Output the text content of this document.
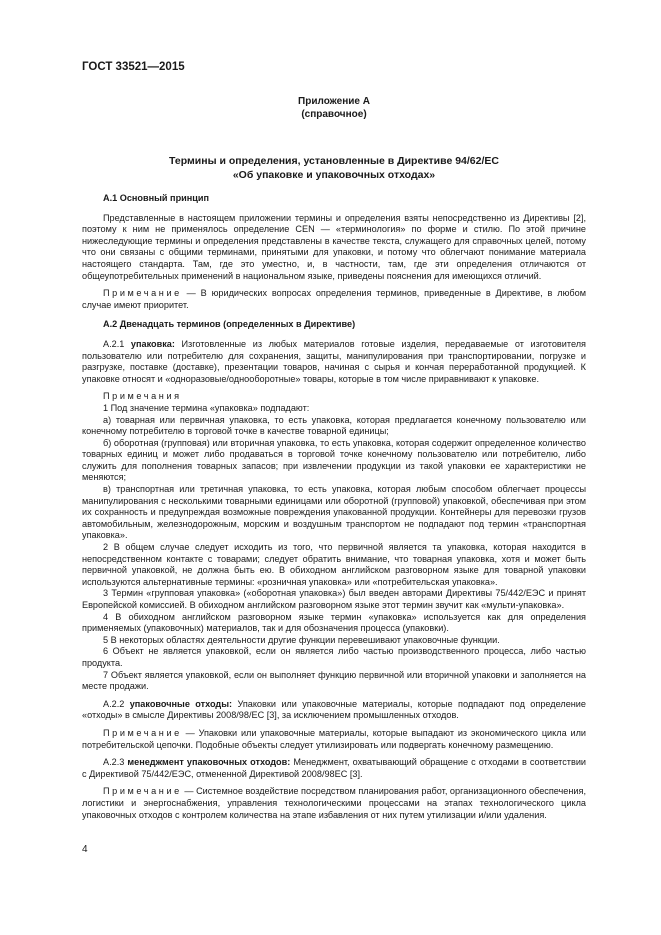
ГОСТ 33521—2015
Приложение А
(справочное)
Термины и определения, установленные в Директиве 94/62/ЕС
«Об упаковке и упаковочных отходах»

А.1 Основный принцип

Представленные в настоящем приложении термины и определения взяты непосредственно из Директивы [2], поэтому к ним не применялось определение CEN — «терминология» по форме и стилю. По этой причине нижеследующие термины и определения представлены в качестве текста, служащего для справочных целей, потому что они связаны с общими терминами, принятыми для упаковки, и потому что облегчают понимание материала настоящего стандарта. Там, где это уместно, и, в частности, там, где эти определения отличаются от общеупотребительных применений в национальном языке, приведены пояснения для имеющихся отличий.

Примечание — В юридических вопросах определения терминов, приведенные в Директиве, в любом случае имеют приоритет.

А.2 Двенадцать терминов (определенных в Директиве)

А.2.1 упаковка: Изготовленные из любых материалов готовые изделия, передаваемые от изготовителя пользователю или потребителю для сохранения, защиты, манипулирования при транспортировании, погрузке и разгрузке, поставке (доставке), презентации товаров, начиная с сырья и кончая переработанной продукцией. К упаковке относят и «одноразовые/однооборотные» товары, которые в том числе приравнивают к упаковке.

Примечания

1 Под значение термина «упаковка» подпадают:

а) товарная или первичная упаковка, то есть упаковка, которая предлагается конечному пользователю или конечному потребителю в торговой точке в качестве товарной единицы;

б) оборотная (групповая) или вторичная упаковка, то есть упаковка, которая содержит определенное количество товарных единиц и может либо продаваться в торговой точке конечному пользователю или потребителю, либо служить для пополнения товарных запасов; при извлечении продукции из такой упаковки ее характеристики не меняются;

в) транспортная или третичная упаковка, то есть упаковка, которая любым способом облегчает процессы манипулирования с несколькими товарными единицами или оборотной (групповой) упаковкой, обеспечивая при этом их сохранность и предупреждая возможные повреждения упакованной продукции. Контейнеры для перевозки грузов автомобильным, железнодорожным, морским и воздушным транспортом не подпадают под термин «транспортная упаковка».

2 В общем случае следует исходить из того, что первичной является та упаковка, которая находится в непосредственном контакте с товарами; следует обратить внимание, что товарная упаковка, хотя и может быть первичной упаковкой, не должна быть ею. В обиходном английском разговорном языке для товарной упаковки используются альтернативные термины: «розничная упаковка» или «потребительская упаковка».

3 Термин «групповая упаковка» («оборотная упаковка») был введен авторами Директивы 75/442/ЕЭС и принят Европейской комиссией. В обиходном английском разговорном языке этот термин звучит как «мульти-упаковка».

4 В обиходном английском разговорном языке термин «упаковка» используется как для определения применяемых (упаковочных) материалов, так и для обозначения процесса (упаковки).

5 В некоторых областях деятельности другие функции перевешивают упаковочные функции.

6 Объект не является упаковкой, если он является либо частью производственного процесса, либо частью продукта.

7 Объект является упаковкой, если он выполняет функцию первичной или вторичной упаковки и заполняется на месте продажи.

А.2.2 упаковочные отходы: Упаковки или упаковочные материалы, которые подпадают под определение «отходы» в смысле Директивы 2008/98/ЕС [3], за исключением промышленных отходов.

Примечание — Упаковки или упаковочные материалы, которые выпадают из экономического цикла или потребительской цепочки. Подобные объекты следует утилизировать или подвергать конечному размещению.

А.2.3 менеджмент упаковочных отходов: Менеджмент, охватывающий обращение с отходами в соответствии с Директивой 75/442/ЕЭС, отмененной Директивой 2008/98ЕС [3].

Примечание — Системное воздействие посредством планирования работ, организационного обеспечения, логистики и энергоснабжения, управления технологическими процессами на этапах технологического цикла упаковочных отходов с контролем количества на этапе избавления от них путем утилизации и/или удаления.

4
